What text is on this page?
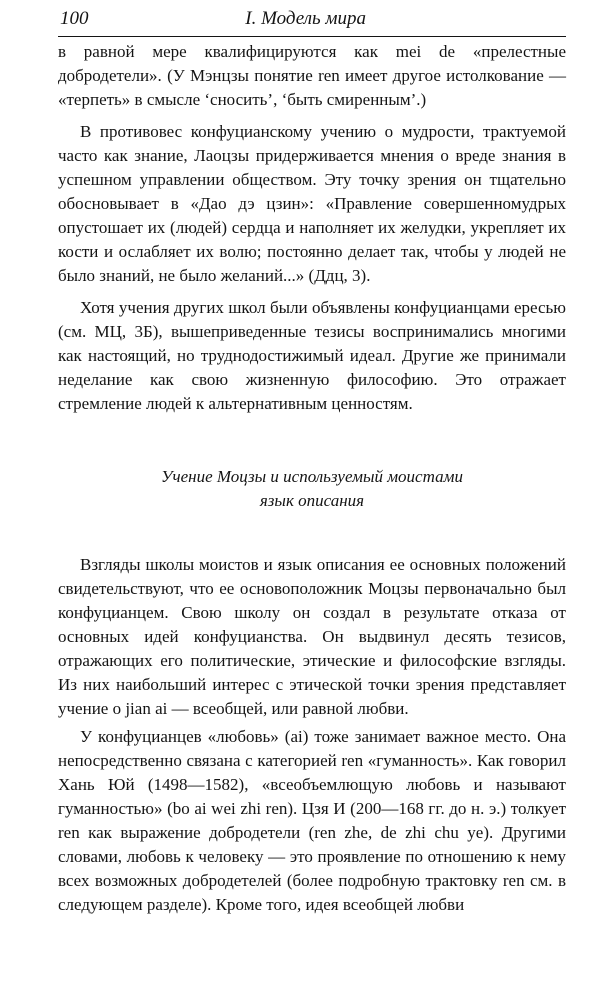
100	I. Модель мира

в равной мере квалифицируются как mei de «прелестные добродетели». (У Мэнцзы понятие ren имеет другое истолкование — «терпеть» в смысле ‘сносить’, ‘быть смиренным’.)

В противовес конфуцианскому учению о мудрости, трактуемой часто как знание, Лаоцзы придерживается мнения о вреде знания в успешном управлении обществом. Эту точку зрения он тщательно обосновывает в «Дао дэ цзин»: «Правление совершенномудрых опустошает их (людей) сердца и наполняет их желудки, укрепляет их кости и ослабляет их волю; постоянно делает так, чтобы у людей не было знаний, не было желаний...» (Ддц, 3).

Хотя учения других школ были объявлены конфуцианцами ересью (см. МЦ, 3Б), вышеприведенные тезисы воспринимались многими как настоящий, но труднодостижимый идеал. Другие же принимали неделание как свою жизненную философию. Это отражает стремление людей к альтернативным ценностям.

Учение Моцзы и используемый моистами
язык описания

Взгляды школы моистов и язык описания ее основных положений свидетельствуют, что ее основоположник Моцзы первоначально был конфуцианцем. Свою школу он создал в результате отказа от основных идей конфуцианства. Он выдвинул десять тезисов, отражающих его политические, этические и философские взгляды. Из них наибольший интерес с этической точки зрения представляет учение о jian ai — всеобщей, или равной любви.

У конфуцианцев «любовь» (ai) тоже занимает важное место. Она непосредственно связана с категорией ren «гуманность». Как говорил Хань Юй (1498—1582), «всеобъемлющую любовь и называют гуманностью» (bo ai wei zhi ren). Цзя И (200—168 гг. до н. э.) толкует ren как выражение добродетели (ren zhe, de zhi chu ye). Другими словами, любовь к человеку — это проявление по отношению к нему всех возможных добродетелей (более подробную трактовку ren см. в следующем разделе). Кроме того, идея всеобщей любви
